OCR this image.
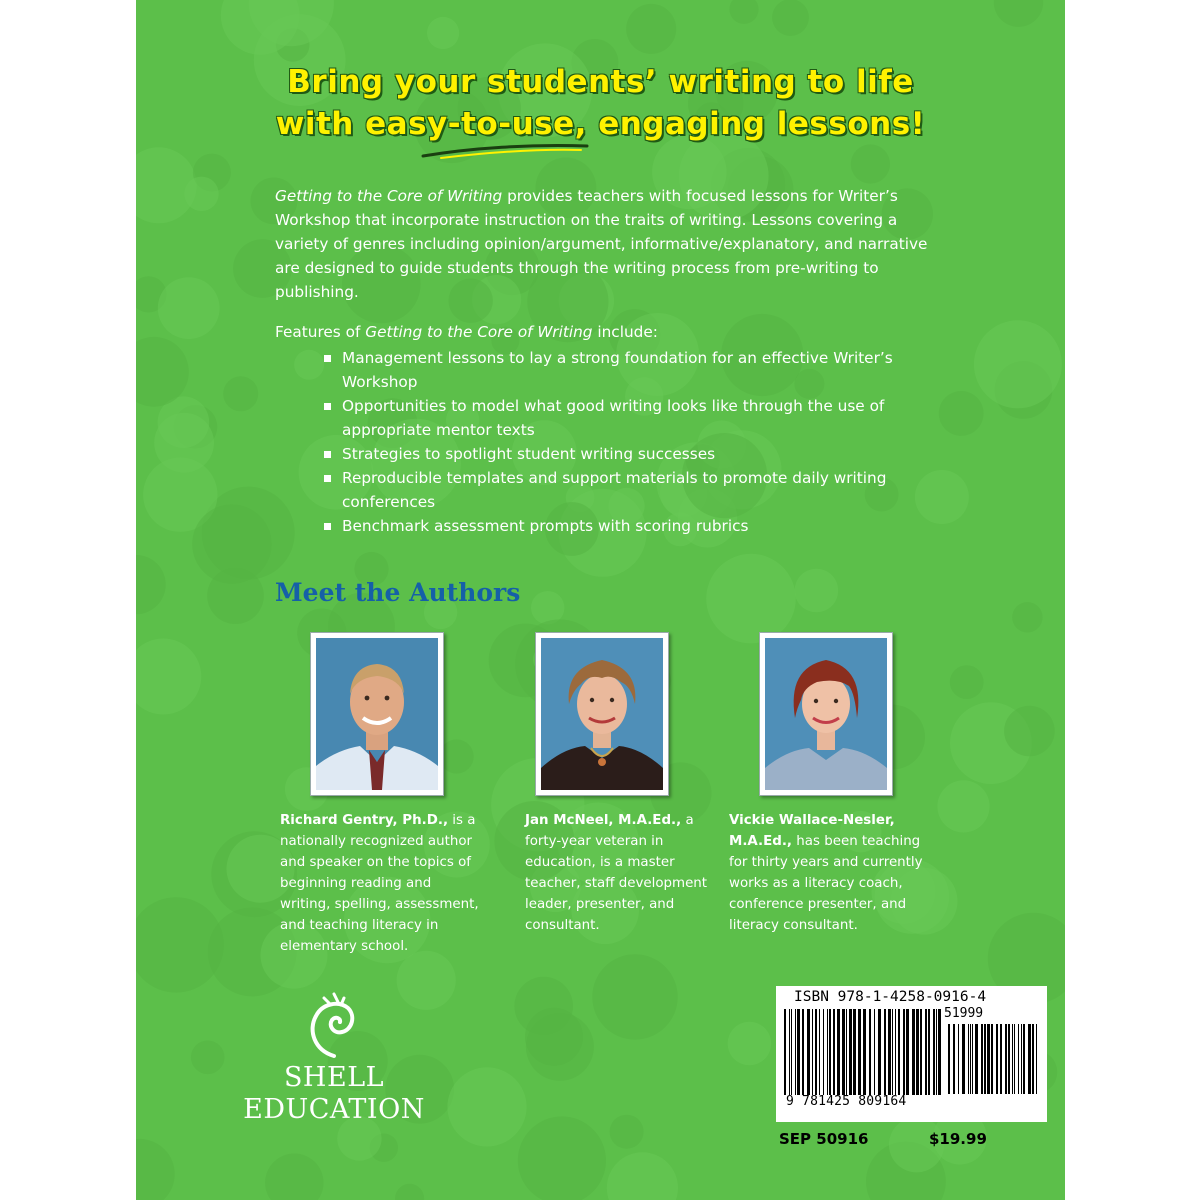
Bring your students’ writing to life
with easy-to-use, engaging lessons!
Getting to the Core of Writing provides teachers with focused lessons for Writer’s Workshop that incorporate instruction on the traits of writing. Lessons covering a variety of genres including opinion/argument, informative/explanatory, and narrative are designed to guide students through the writing process from pre-writing to publishing.
Features of Getting to the Core of Writing include:
Management lessons to lay a strong foundation for an effective Writer’s Workshop
Opportunities to model what good writing looks like through the use of appropriate mentor texts
Strategies to spotlight student writing successes
Reproducible templates and support materials to promote daily writing conferences
Benchmark assessment prompts with scoring rubrics
Meet the Authors
Richard Gentry, Ph.D., is a nationally recognized author and speaker on the topics of beginning reading and writing, spelling, assessment, and teaching literacy in elementary school.
Jan McNeel, M.A.Ed., a forty-year veteran in education, is a master teacher, staff development leader, presenter, and consultant.
Vickie Wallace-Nesler, M.A.Ed., has been teaching for thirty years and currently works as a literacy coach, conference presenter, and literacy consultant.
SHELL
EDUCATION
ISBN 978-1-4258-0916-4
51999
9 781425 809164
SEP 50916	$19.99
